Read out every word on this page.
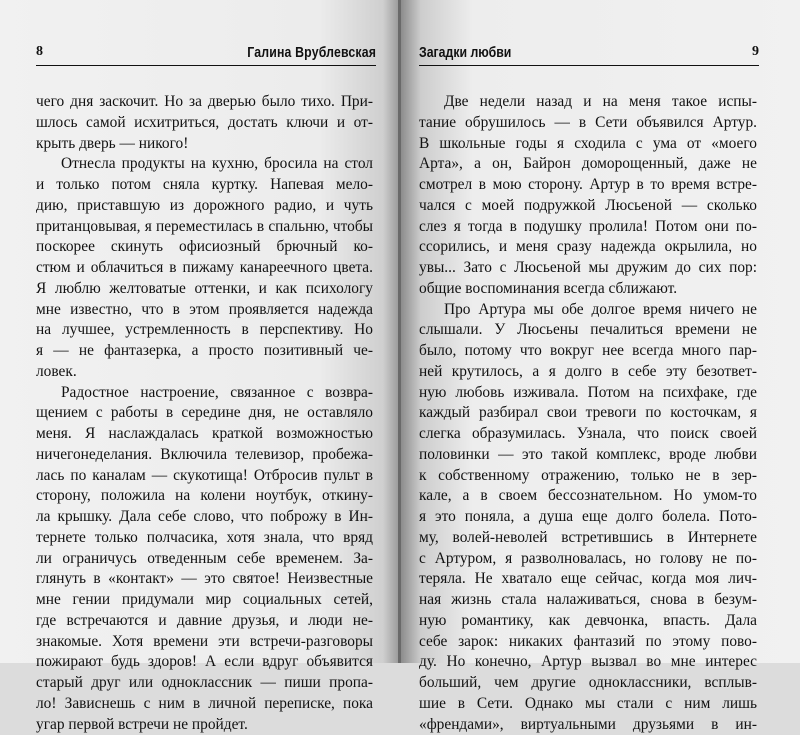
8	Галина Врублевская
чего дня заскочит. Но за дверью было тихо. При-
шлось самой исхитриться, достать ключи и от-
крыть дверь — никого!
Отнесла продукты на кухню, бросила на стол
и только потом сняла куртку. Напевая мело-
дию, приставшую из дорожного радио, и чуть
пританцовывая, я переместилась в спальню, чтобы
поскорее скинуть офисиозный брючный ко-
стюм и облачиться в пижаму канареечного цвета.
Я люблю желтоватые оттенки, и как психологу
мне известно, что в этом проявляется надежда
на лучшее, устремленность в перспективу. Но
я — не фантазерка, а просто позитивный че-
ловек.
Радостное настроение, связанное с возвра-
щением с работы в середине дня, не оставляло
меня. Я наслаждалась краткой возможностью
ничегонеделания. Включила телевизор, пробежа-
лась по каналам — скукотища! Отбросив пульт в
сторону, положила на колени ноутбук, откину-
ла крышку. Дала себе слово, что поброжу в Ин-
тернете только полчасика, хотя знала, что вряд
ли ограничусь отведенным себе временем. За-
глянуть в «контакт» — это святое! Неизвестные
мне гении придумали мир социальных сетей,
где встречаются и давние друзья, и люди не-
знакомые. Хотя времени эти встречи-разговоры
пожирают будь здоров! А если вдруг объявится
старый друг или одноклассник — пиши пропа-
ло! Зависнешь с ним в личной переписке, пока
угар первой встречи не пройдет.
Загадки любви	9
Две недели назад и на меня такое испы-
тание обрушилось — в Сети объявился Артур.
В школьные годы я сходила с ума от «моего
Арта», а он, Байрон доморощенный, даже не
смотрел в мою сторону. Артур в то время встре-
чался с моей подружкой Люсьеной — сколько
слез я тогда в подушку пролила! Потом они по-
ссорились, и меня сразу надежда окрылила, но
увы... Зато с Люсьеной мы дружим до сих пор:
общие воспоминания всегда сближают.
Про Артура мы обе долгое время ничего не
слышали. У Люсьены печалиться времени не
было, потому что вокруг нее всегда много пар-
ней крутилось, а я долго в себе эту безответ-
ную любовь изживала. Потом на психфаке, где
каждый разбирал свои тревоги по косточкам, я
слегка образумилась. Узнала, что поиск своей
половинки — это такой комплекс, вроде любви
к собственному отражению, только не в зер-
кале, а в своем бессознательном. Но умом-то
я это поняла, а душа еще долго болела. Пото-
му, волей-неволей встретившись в Интернете
с Артуром, я разволновалась, но голову не по-
теряла. Не хватало еще сейчас, когда моя лич-
ная жизнь стала налаживаться, снова в безум-
ную романтику, как девчонка, впасть. Дала
себе зарок: никаких фантазий по этому пово-
ду. Но конечно, Артур вызвал во мне интерес
больший, чем другие одноклассники, всплыв-
шие в Сети. Однако мы стали с ним лишь
«френдами», виртуальными друзьями в ин-
